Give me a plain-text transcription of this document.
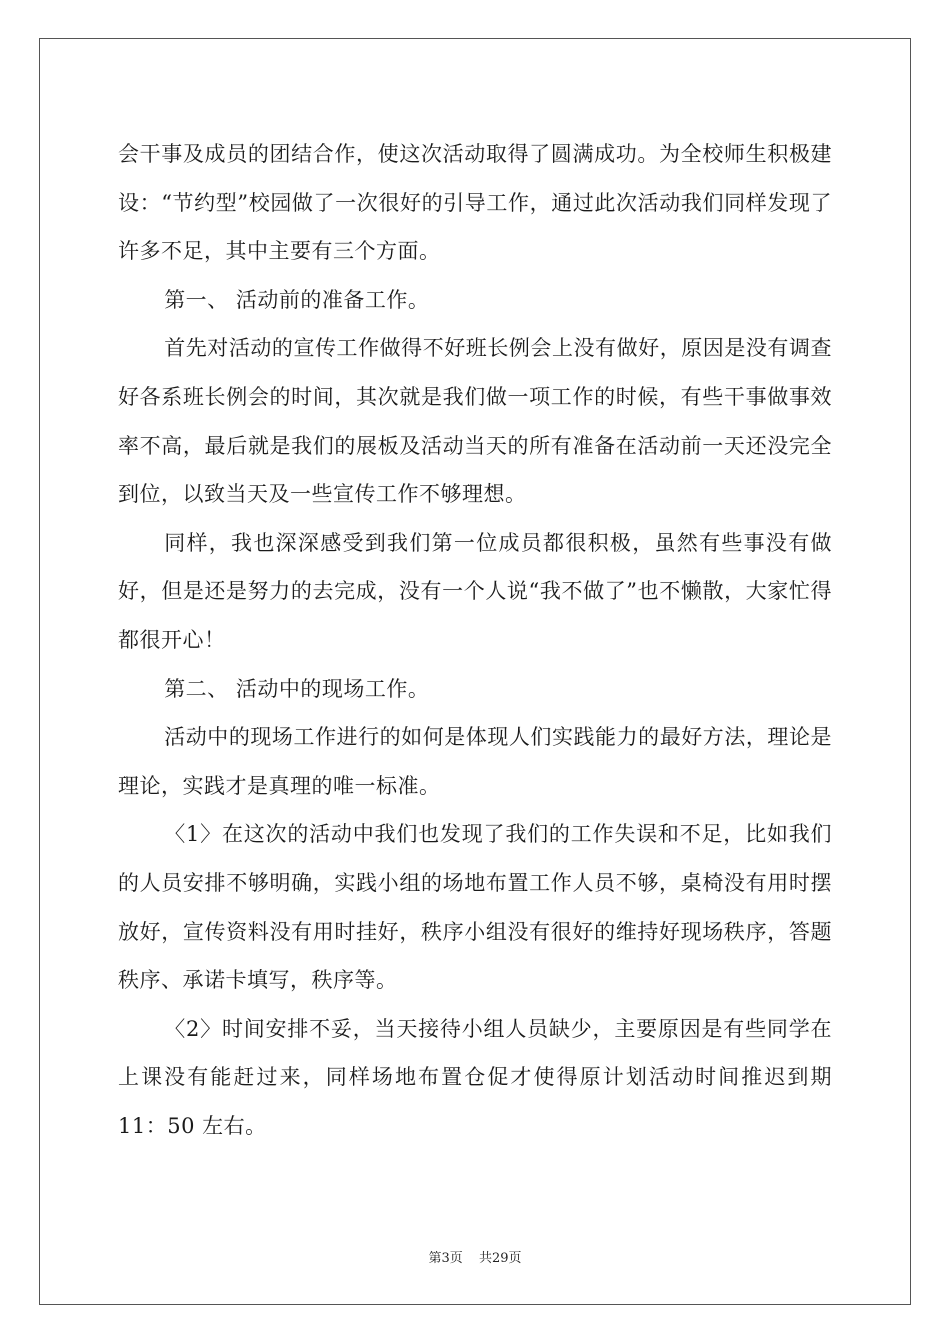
会干事及成员的团结合作，使这次活动取得了圆满成功。为全校师生积极建设：“节约型”校园做了一次很好的引导工作，通过此次活动我们同样发现了许多不足，其中主要有三个方面。

第一、 活动前的准备工作。

首先对活动的宣传工作做得不好班长例会上没有做好，原因是没有调查好各系班长例会的时间，其次就是我们做一项工作的时候，有些干事做事效率不高，最后就是我们的展板及活动当天的所有准备在活动前一天还没完全到位，以致当天及一些宣传工作不够理想。

同样，我也深深感受到我们第一位成员都很积极，虽然有些事没有做好，但是还是努力的去完成，没有一个人说“我不做了”也不懒散，大家忙得都很开心！

第二、 活动中的现场工作。

活动中的现场工作进行的如何是体现人们实践能力的最好方法，理论是理论，实践才是真理的唯一标准。

〈1〉在这次的活动中我们也发现了我们的工作失误和不足，比如我们的人员安排不够明确，实践小组的场地布置工作人员不够，桌椅没有用时摆放好，宣传资料没有用时挂好，秩序小组没有很好的维持好现场秩序，答题秩序、承诺卡填写，秩序等。

〈2〉时间安排不妥，当天接待小组人员缺少，主要原因是有些同学在上课没有能赶过来，同样场地布置仓促才使得原计划活动时间推迟到期 11：50 左右。

第3页 共29页
